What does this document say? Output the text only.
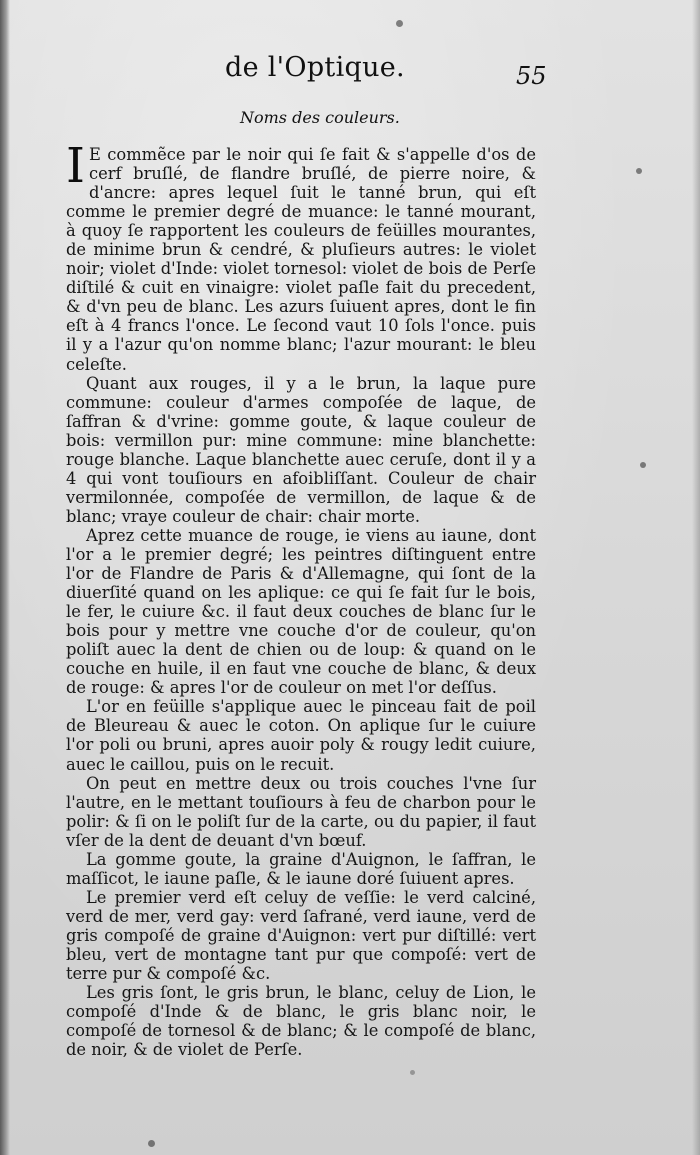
de l'Optique.	55
Noms des couleurs.

I E commẽce par le noir qui ſe fait & s'appelle d'os de cerf bruſlé, de flandre bruſlé, de pierre noire, & d'ancre: apres lequel ſuit le tanné brun, qui eſt comme le premier degré de muance: le tanné mourant, à quoy ſe rapportent les couleurs de feüilles mourantes, de minime brun & cendré, & pluſieurs autres: le violet noir; violet d'Inde: violet tornesol: violet de bois de Perſe diſtilé & cuit en vinaigre: violet paſle fait du precedent, & d'vn peu de blanc. Les azurs ſuiuent apres, dont le fin eſt à 4 francs l'once. Le ſecond vaut 10 ſols l'once. puis il y a l'azur qu'on nomme blanc; l'azur mourant: le bleu celeſte.

Quant aux rouges, il y a le brun, la laque pure commune: couleur d'armes compoſée de laque, de ſaffran & d'vrine: gomme goute, & laque couleur de bois: vermillon pur: mine commune: mine blanchette: rouge blanche. Laque blanchette auec ceruſe, dont il y a 4 qui vont touſiours en afoibliſſant. Couleur de chair vermilonnée, compoſée de vermillon, de laque & de blanc; vraye couleur de chair: chair morte.

Aprez cette muance de rouge, ie viens au iaune, dont l'or a le premier degré; les peintres diſtinguent entre l'or de Flandre de Paris & d'Allemagne, qui ſont de la diuerſité quand on les aplique: ce qui ſe fait ſur le bois, le fer, le cuiure &c. il faut deux couches de blanc ſur le bois pour y mettre vne couche d'or de couleur, qu'on poliſt auec la dent de chien ou de loup: & quand on le couche en huile, il en faut vne couche de blanc, & deux de rouge: & apres l'or de couleur on met l'or deſſus.

L'or en feüille s'applique auec le pinceau fait de poil de Bleureau & auec le coton. On aplique ſur le cuiure l'or poli ou bruni, apres auoir poly & rougy ledit cuiure, auec le caillou, puis on le recuit.

On peut en mettre deux ou trois couches l'vne ſur l'autre, en le mettant touſiours à feu de charbon pour le polir: & ſi on le poliſt ſur de la carte, ou du papier, il faut vſer de la dent de deuant d'vn bœuf.

La gomme goute, la graine d'Auignon, le ſaffran, le maſſicot, le iaune paſle, & le iaune doré ſuiuent apres.

Le premier verd eſt celuy de veſſie: le verd calciné, verd de mer, verd gay: verd ſafrané, verd iaune, verd de gris compoſé de graine d'Auignon: vert pur diſtillé: vert bleu, vert de montagne tant pur que compoſé: vert de terre pur & compoſé &c.

Les gris ſont, le gris brun, le blanc, celuy de Lion, le compoſé d'Inde & de blanc, le gris blanc noir, le compoſé de tornesol & de blanc; & le compoſé de blanc, de noir, & de violet de Perſe.
